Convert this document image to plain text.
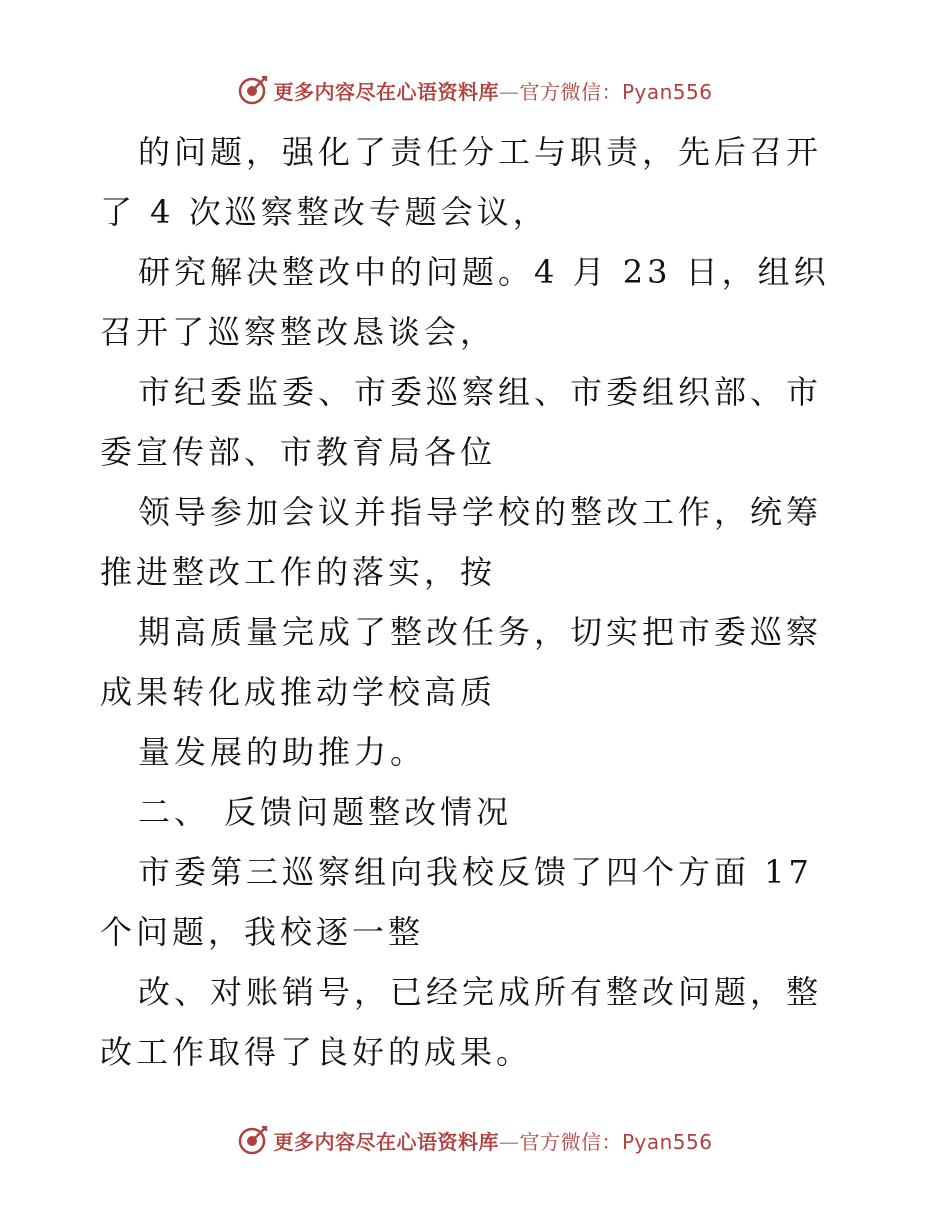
更多内容尽在心语资料库—官方微信：Pyan556

的问题，强化了责任分工与职责，先后召开了 4 次巡察整改专题会议，

研究解决整改中的问题。4 月 23 日，组织召开了巡察整改恳谈会，

市纪委监委、市委巡察组、市委组织部、市委宣传部、市教育局各位

领导参加会议并指导学校的整改工作，统筹推进整改工作的落实，按

期高质量完成了整改任务，切实把市委巡察成果转化成推动学校高质

量发展的助推力。

二、 反馈问题整改情况

市委第三巡察组向我校反馈了四个方面 17 个问题，我校逐一整

改、对账销号，已经完成所有整改问题，整改工作取得了良好的成果。

更多内容尽在心语资料库—官方微信：Pyan556
